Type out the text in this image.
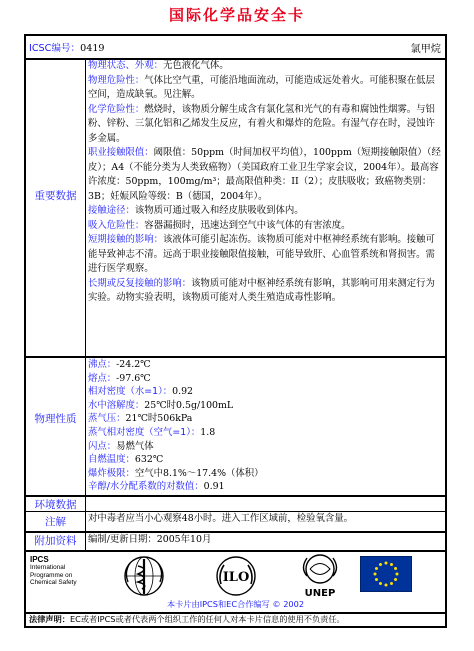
国际化学品安全卡
ICSC编号：0419	氯甲烷
重要数据

物理状态、外观：无色液化气体。

物理危险性：气体比空气重，可能沿地面流动，可能造成远处着火。可能积聚在低层空间，造成缺氧。见注解。

化学危险性：燃烧时，该物质分解生成含有氯化氢和光气的有毒和腐蚀性烟雾。与铝粉、锌粉、三氯化铝和乙烯发生反应，有着火和爆炸的危险。有湿气存在时，浸蚀许多金属。

职业接触限值：阈限值：50ppm（时间加权平均值），100ppm（短期接触限值）（经皮）；A4（不能分类为人类致癌物）（美国政府工业卫生学家会议，2004年）。最高容许浓度：50ppm，100mg/m³；最高限值种类：II（2）；皮肤吸收；致癌物类别：3B；妊娠风险等级：B（德国，2004年）。

接触途径：该物质可通过吸入和经皮肤吸收到体内。

吸入危险性：容器漏损时，迅速达到空气中该气体的有害浓度。

短期接触的影响：该液体可能引起冻伤。该物质可能对中枢神经系统有影响。接触可能导致神志不清。远高于职业接触限值接触，可能导致肝、心血管系统和肾损害。需进行医学观察。

长期或反复接触的影响：该物质可能对中枢神经系统有影响，其影响可用来测定行为实验。动物实验表明，该物质可能对人类生殖造成毒性影响。

物理性质
沸点：-24.2℃
熔点：-97.6℃
相对密度（水=1）：0.92
水中溶解度：25℃时0.5g/100mL
蒸气压：21℃时506kPa
蒸气相对密度（空气=1）：1.8
闪点：易燃气体
自燃温度：632℃
爆炸极限：空气中8.1%～17.4%（体积）
辛醇/水分配系数的对数值：0.91
环境数据
注解	对中毒者应当小心观察48小时。进入工作区域前，检验氧含量。
附加资料	编制/更新日期：2005年10月
IPCS
International
Programme on
Chemical Safety	ILO
UNEP
本卡片由IPCS和EC合作编写 © 2002
法律声明：EC或者IPCS或者代表两个组织工作的任何人对本卡片信息的使用不负责任。
